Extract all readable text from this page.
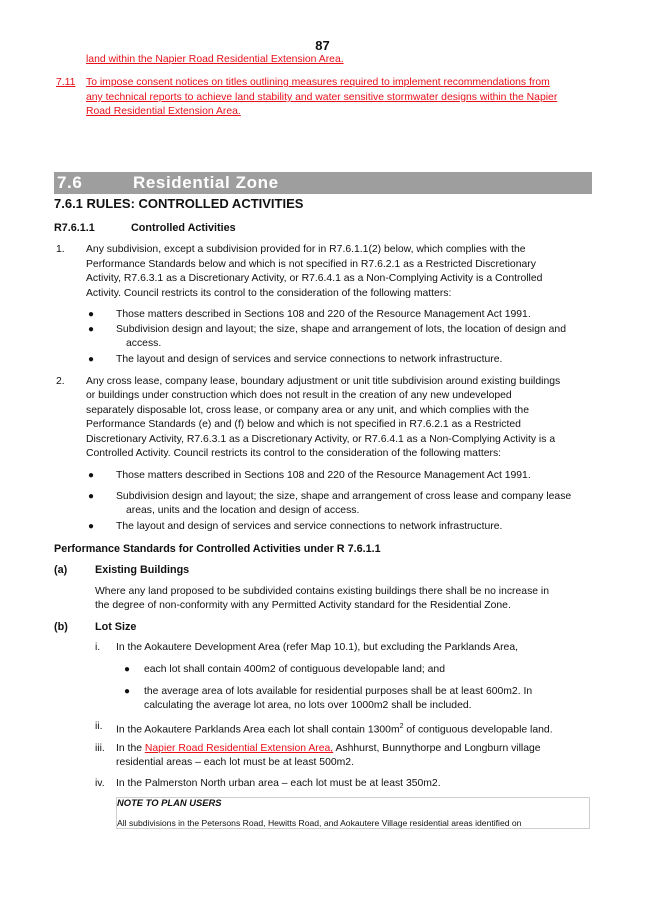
87
land within the Napier Road Residential Extension Area.
7.11 To impose consent notices on titles outlining measures required to implement recommendations from
any technical reports to achieve land stability and water sensitive stormwater designs within the Napier
Road Residential Extension Area.
7.6	Residential Zone
7.6.1 RULES: CONTROLLED ACTIVITIES
R7.6.1.1	Controlled Activities
1. Any subdivision, except a subdivision provided for in R7.6.1.1(2) below, which complies with the
Performance Standards below and which is not specified in R7.6.2.1 as a Restricted Discretionary
Activity, R7.6.3.1 as a Discretionary Activity, or R7.6.4.1 as a Non-Complying Activity is a Controlled
Activity. Council restricts its control to the consideration of the following matters:
● Those matters described in Sections 108 and 220 of the Resource Management Act 1991.
● Subdivision design and layout; the size, shape and arrangement of lots, the location of design and
access.
● The layout and design of services and service connections to network infrastructure.
2. Any cross lease, company lease, boundary adjustment or unit title subdivision around existing buildings
or buildings under construction which does not result in the creation of any new undeveloped
separately disposable lot, cross lease, or company area or any unit, and which complies with the
Performance Standards (e) and (f) below and which is not specified in R7.6.2.1 as a Restricted
Discretionary Activity, R7.6.3.1 as a Discretionary Activity, or R7.6.4.1 as a Non-Complying Activity is a
Controlled Activity. Council restricts its control to the consideration of the following matters:
● Those matters described in Sections 108 and 220 of the Resource Management Act 1991.
● Subdivision design and layout; the size, shape and arrangement of cross lease and company lease
areas, units and the location and design of access.
● The layout and design of services and service connections to network infrastructure.
Performance Standards for Controlled Activities under R 7.6.1.1
(a)	Existing Buildings
Where any land proposed to be subdivided contains existing buildings there shall be no increase in
the degree of non-conformity with any Permitted Activity standard for the Residential Zone.
(b)	Lot Size
i. In the Aokautere Development Area (refer Map 10.1), but excluding the Parklands Area,
● each lot shall contain 400m2 of contiguous developable land; and
● the average area of lots available for residential purposes shall be at least 600m2. In
calculating the average lot area, no lots over 1000m2 shall be included.
ii. In the Aokautere Parklands Area each lot shall contain $1300m^2$ of contiguous developable land.
iii. In the Napier Road Residential Extension Area, Ashhurst, Bunnythorpe and Longburn village
residential areas – each lot must be at least 500m2.
iv. In the Palmerston North urban area – each lot must be at least 350m2.
NOTE TO PLAN USERS
All subdivisions in the Petersons Road, Hewitts Road, and Aokautere Village residential areas identified on
